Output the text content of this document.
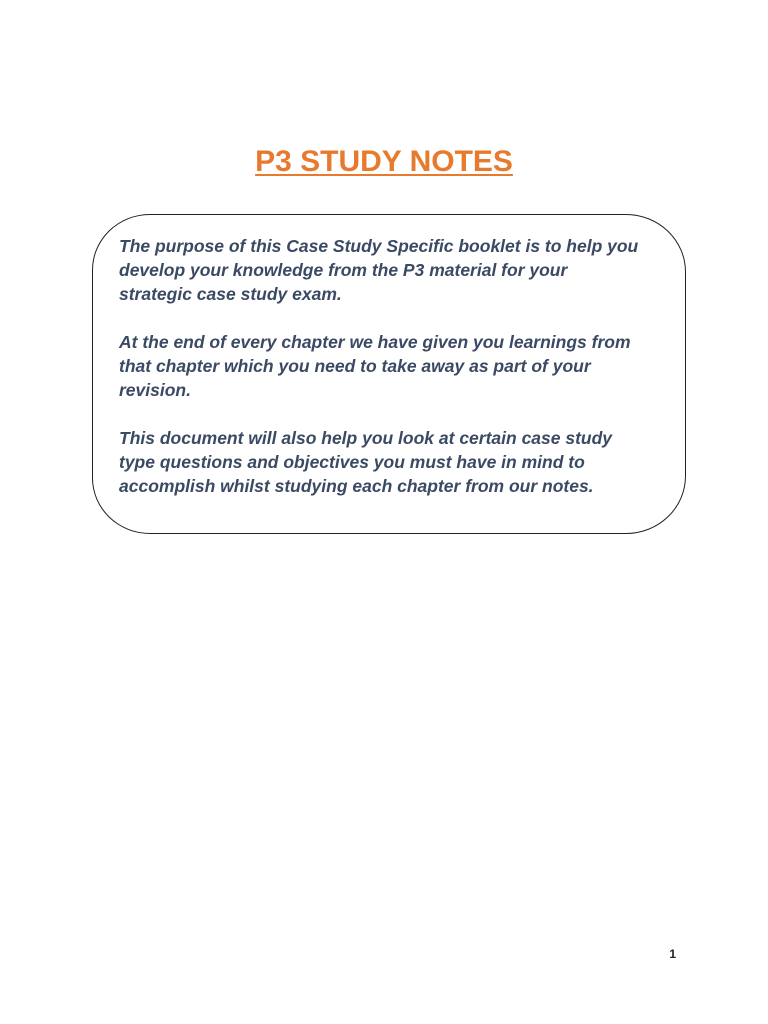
P3 STUDY NOTES

The purpose of this Case Study Specific booklet is to help you
develop your knowledge from the P3 material for your
strategic case study exam.

At the end of every chapter we have given you learnings from
that chapter which you need to take away as part of your
revision.

This document will also help you look at certain case study
type questions and objectives you must have in mind to
accomplish whilst studying each chapter from our notes.

1
